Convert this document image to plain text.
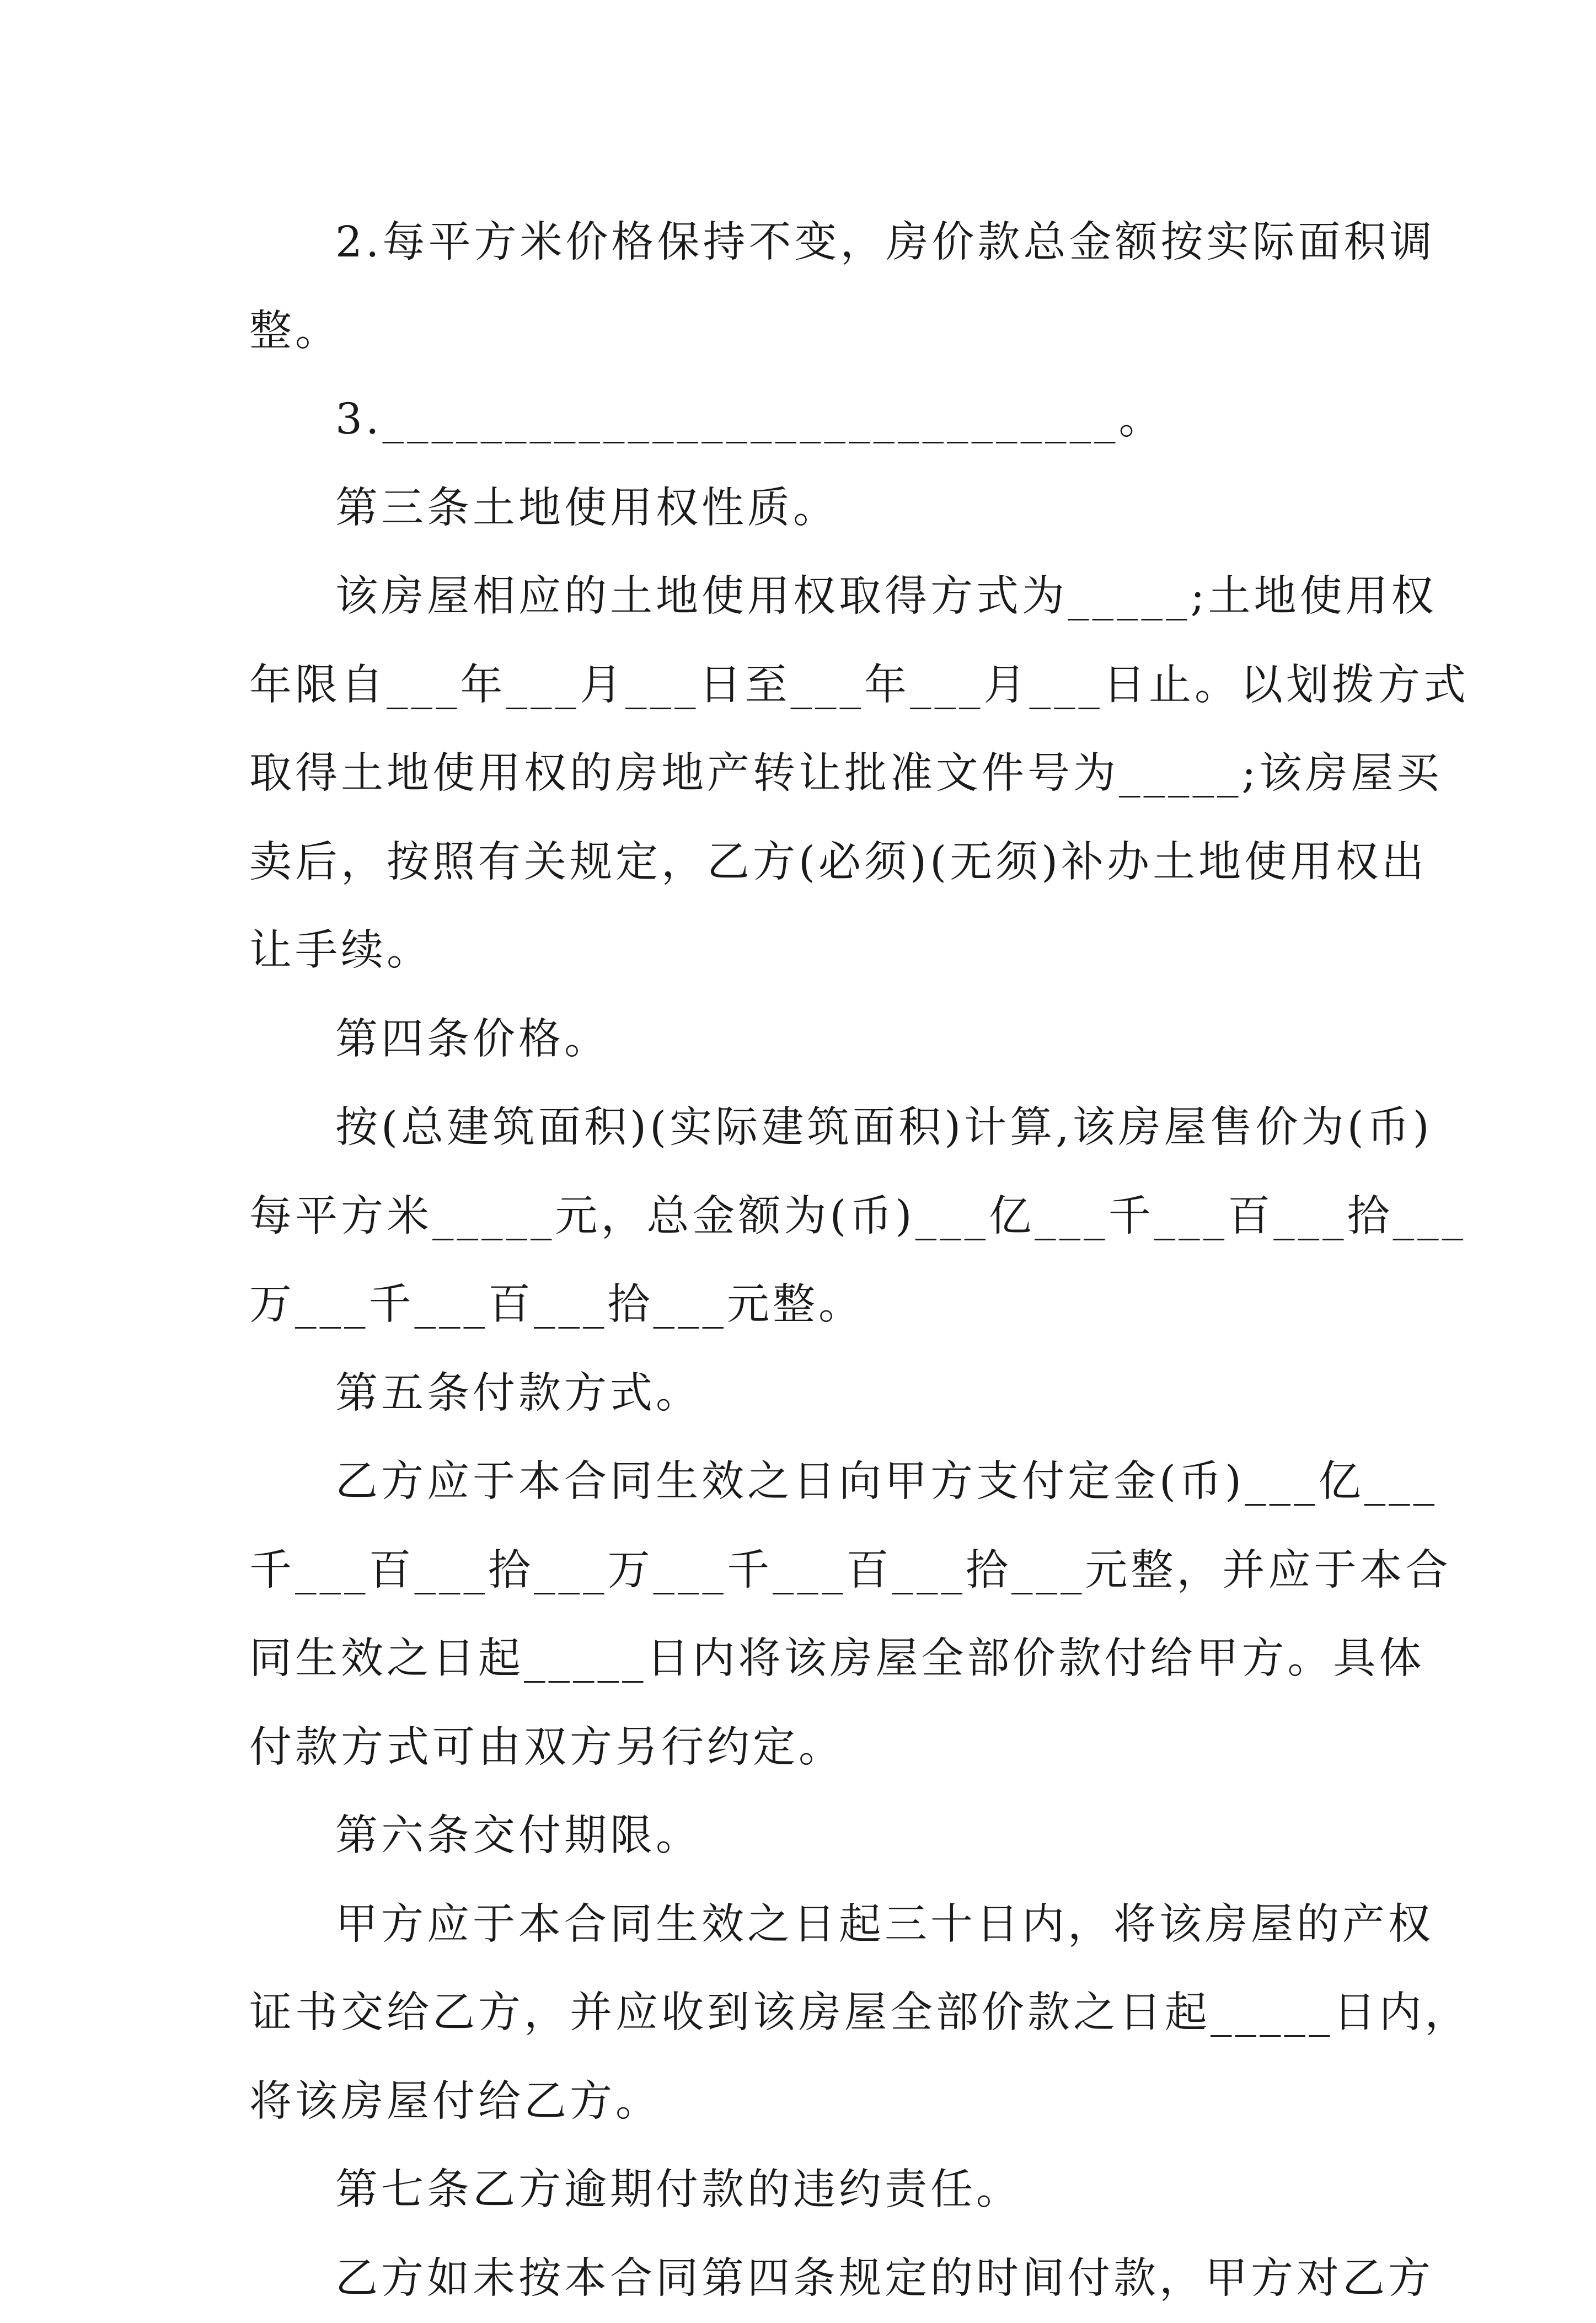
2.每平方米价格保持不变，房价款总金额按实际面积调
整。
3.______________________________。
第三条土地使用权性质。
该房屋相应的土地使用权取得方式为_____;土地使用权
年限自___年___月___日至___年___月___日止。以划拨方式
取得土地使用权的房地产转让批准文件号为_____;该房屋买
卖后，按照有关规定，乙方(必须)(无须)补办土地使用权出
让手续。
第四条价格。
按(总建筑面积)(实际建筑面积)计算,该房屋售价为(币)
每平方米_____元，总金额为(币)___亿___千___百___拾___
万___千___百___拾___元整。
第五条付款方式。
乙方应于本合同生效之日向甲方支付定金(币)___亿___
千___百___拾___万___千___百___拾___元整，并应于本合
同生效之日起_____日内将该房屋全部价款付给甲方。具体
付款方式可由双方另行约定。
第六条交付期限。
甲方应于本合同生效之日起三十日内，将该房屋的产权
证书交给乙方，并应收到该房屋全部价款之日起_____日内，
将该房屋付给乙方。
第七条乙方逾期付款的违约责任。
乙方如未按本合同第四条规定的时间付款，甲方对乙方
